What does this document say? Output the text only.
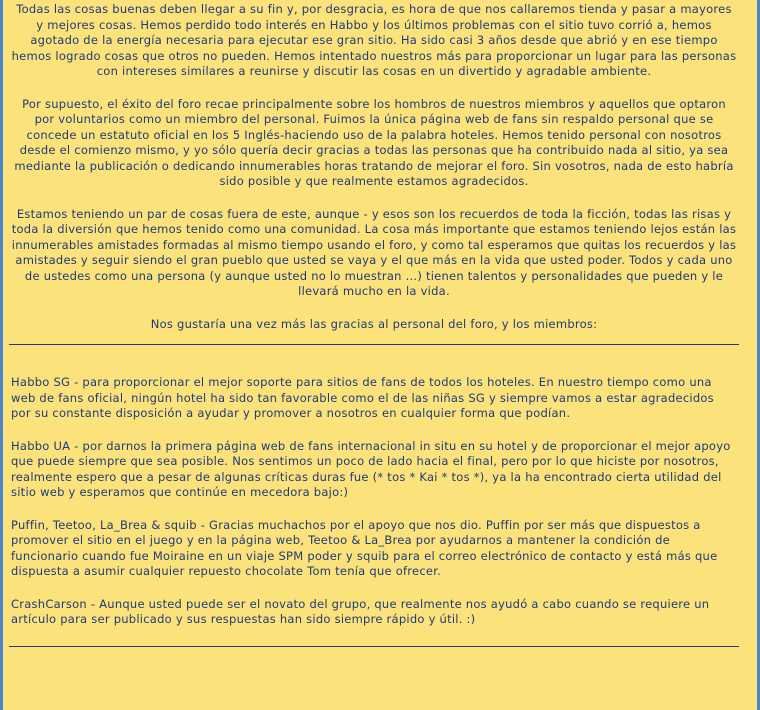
Todas las cosas buenas deben llegar a su fin y, por desgracia, es hora de que nos callaremos tienda y pasar a mayores y mejores cosas. Hemos perdido todo interés en Habbo y los últimos problemas con el sitio tuvo corrió a, hemos agotado de la energía necesaria para ejecutar ese gran sitio. Ha sido casi 3 años desde que abrió y en ese tiempo hemos logrado cosas que otros no pueden. Hemos intentado nuestros más para proporcionar un lugar para las personas con intereses similares a reunirse y discutir las cosas en un divertido y agradable ambiente.

Por supuesto, el éxito del foro recae principalmente sobre los hombros de nuestros miembros y aquellos que optaron por voluntarios como un miembro del personal. Fuimos la única página web de fans sin respaldo personal que se concede un estatuto oficial en los 5 Inglés-haciendo uso de la palabra hoteles. Hemos tenido personal con nosotros desde el comienzo mismo, y yo sólo quería decir gracias a todas las personas que ha contribuido nada al sitio, ya sea mediante la publicación o dedicando innumerables horas tratando de mejorar el foro. Sin vosotros, nada de esto habría sido posible y que realmente estamos agradecidos.

Estamos teniendo un par de cosas fuera de este, aunque - y esos son los recuerdos de toda la ficción, todas las risas y toda la diversión que hemos tenido como una comunidad. La cosa más importante que estamos teniendo lejos están las innumerables amistades formadas al mismo tiempo usando el foro, y como tal esperamos que quitas los recuerdos y las amistades y seguir siendo el gran pueblo que usted se vaya y el que más en la vida que usted poder. Todos y cada uno de ustedes como una persona (y aunque usted no lo muestran ...) tienen talentos y personalidades que pueden y le llevará mucho en la vida.

Nos gustaría una vez más las gracias al personal del foro, y los miembros:

Habbo SG - para proporcionar el mejor soporte para sitios de fans de todos los hoteles. En nuestro tiempo como una web de fans oficial, ningún hotel ha sido tan favorable como el de las niñas SG y siempre vamos a estar agradecidos por su constante disposición a ayudar y promover a nosotros en cualquier forma que podían.

Habbo UA - por darnos la primera página web de fans internacional in situ en su hotel y de proporcionar el mejor apoyo que puede siempre que sea posible. Nos sentimos un poco de lado hacia el final, pero por lo que hiciste por nosotros, realmente espero que a pesar de algunas críticas duras fue (* tos * Kai * tos *), ya la ha encontrado cierta utilidad del sitio web y esperamos que continúe en mecedora bajo:)

Puffin, Teetoo, La_Brea & squib - Gracias muchachos por el apoyo que nos dio. Puffin por ser más que dispuestos a promover el sitio en el juego y en la página web, Teetoo & La_Brea por ayudarnos a mantener la condición de funcionario cuando fue Moiraine en un viaje SPM poder y squib para el correo electrónico de contacto y está más que dispuesta a asumir cualquier repuesto chocolate Tom tenía que ofrecer.

CrashCarson - Aunque usted puede ser el novato del grupo, que realmente nos ayudó a cabo cuando se requiere un artículo para ser publicado y sus respuestas han sido siempre rápido y útil. :)
